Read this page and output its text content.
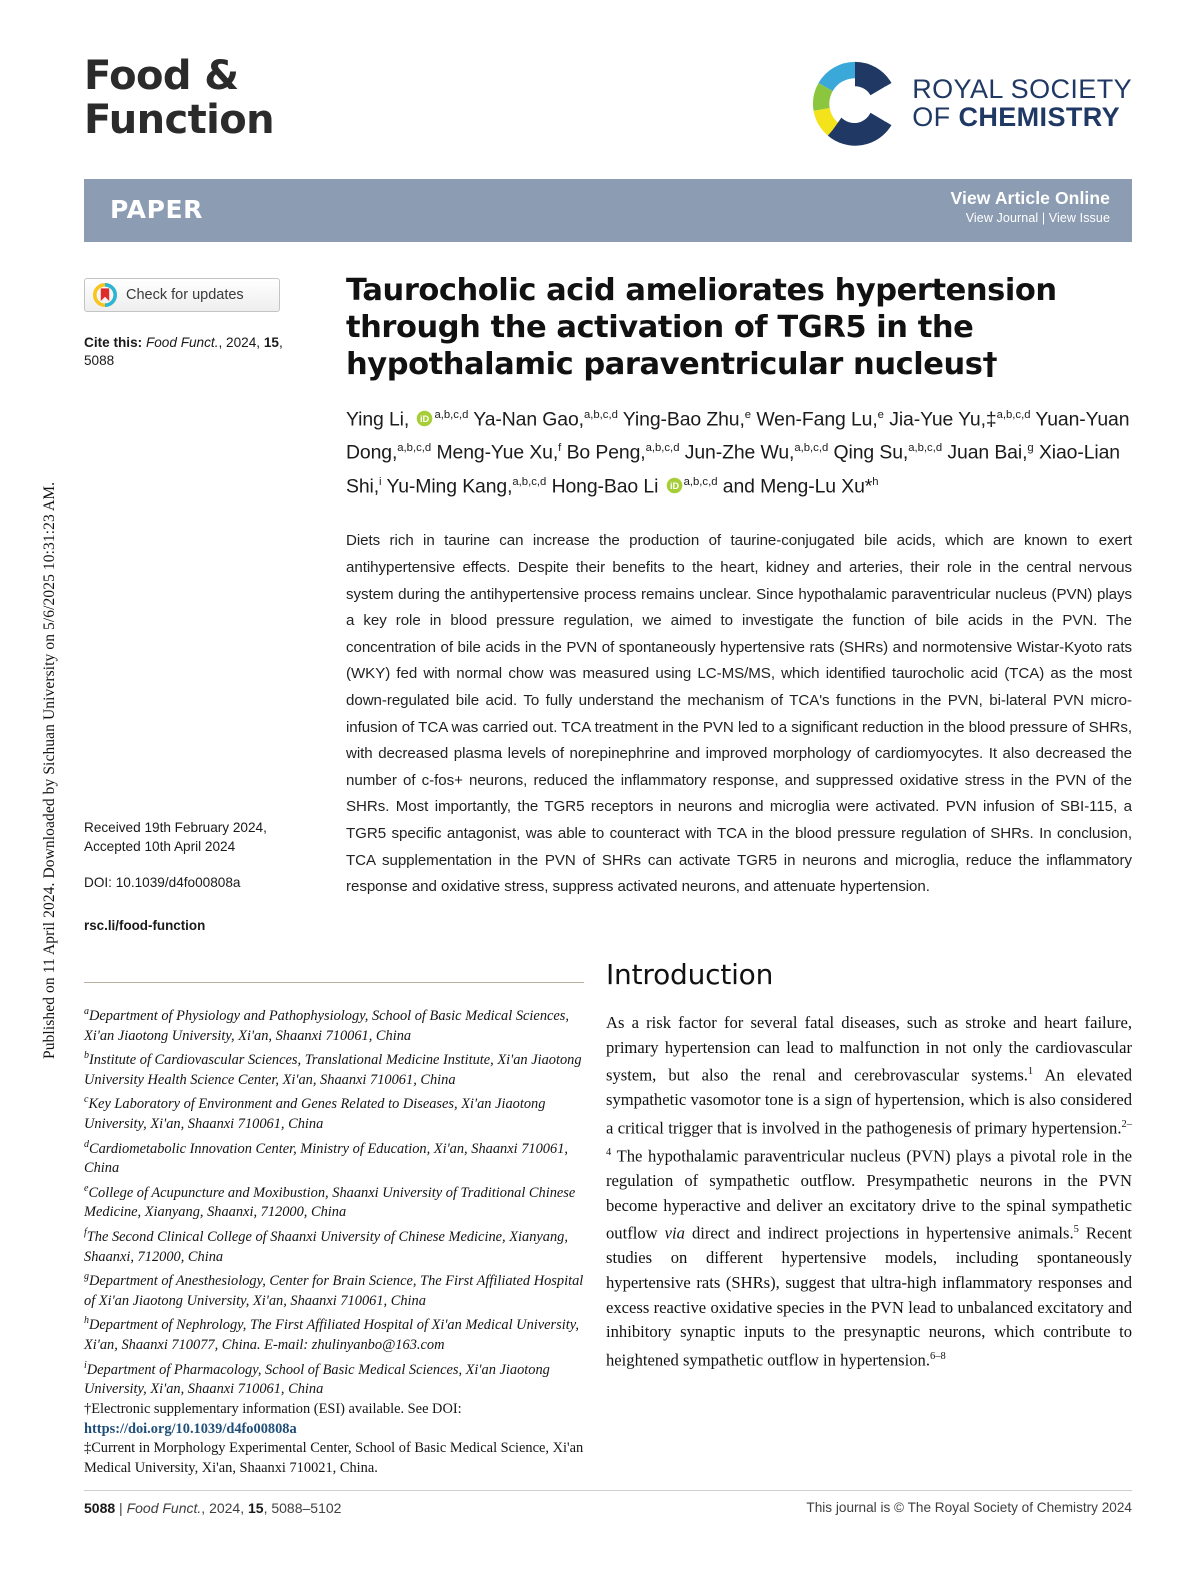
Published on 11 April 2024. Downloaded by Sichuan University on 5/6/2025 10:31:23 AM.
Food &
Function
ROYAL SOCIETY
OF CHEMISTRY
PAPER	View Article Online
View Journal | View Issue
Check for updates
Cite this: Food Funct., 2024, 15, 5088
Received 19th February 2024,
Accepted 10th April 2024
DOI: 10.1039/d4fo00808a
rsc.li/food-function
Taurocholic acid ameliorates hypertension through the activation of TGR5 in the hypothalamic paraventricular nucleus†
Ying Li, iD $^{a,b,c,d}$ Ya-Nan Gao,$^{a,b,c,d}$ Ying-Bao Zhu,$^e$ Wen-Fang Lu,$^e$ Jia-Yue Yu,‡$^{a,b,c,d}$ Yuan-Yuan Dong,$^{a,b,c,d}$ Meng-Yue Xu,$^f$ Bo Peng,$^{a,b,c,d}$ Jun-Zhe Wu,$^{a,b,c,d}$ Qing Su,$^{a,b,c,d}$ Juan Bai,$^g$ Xiao-Lian Shi,$^i$ Yu-Ming Kang,$^{a,b,c,d}$ Hong-Bao Li iD $^{a,b,c,d}$ and Meng-Lu Xu*$^h$
Diets rich in taurine can increase the production of taurine-conjugated bile acids, which are known to exert antihypertensive effects. Despite their benefits to the heart, kidney and arteries, their role in the central nervous system during the antihypertensive process remains unclear. Since hypothalamic paraventricular nucleus (PVN) plays a key role in blood pressure regulation, we aimed to investigate the function of bile acids in the PVN. The concentration of bile acids in the PVN of spontaneously hypertensive rats (SHRs) and normotensive Wistar-Kyoto rats (WKY) fed with normal chow was measured using LC-MS/MS, which identified taurocholic acid (TCA) as the most down-regulated bile acid. To fully understand the mechanism of TCA's functions in the PVN, bi-lateral PVN micro-infusion of TCA was carried out. TCA treatment in the PVN led to a significant reduction in the blood pressure of SHRs, with decreased plasma levels of norepinephrine and improved morphology of cardiomyocytes. It also decreased the number of c-fos+ neurons, reduced the inflammatory response, and suppressed oxidative stress in the PVN of the SHRs. Most importantly, the TGR5 receptors in neurons and microglia were activated. PVN infusion of SBI-115, a TGR5 specific antagonist, was able to counteract with TCA in the blood pressure regulation of SHRs. In conclusion, TCA supplementation in the PVN of SHRs can activate TGR5 in neurons and microglia, reduce the inflammatory response and oxidative stress, suppress activated neurons, and attenuate hypertension.

$^a$Department of Physiology and Pathophysiology, School of Basic Medical Sciences, Xi'an Jiaotong University, Xi'an, Shaanxi 710061, China

$^b$Institute of Cardiovascular Sciences, Translational Medicine Institute, Xi'an Jiaotong University Health Science Center, Xi'an, Shaanxi 710061, China

$^c$Key Laboratory of Environment and Genes Related to Diseases, Xi'an Jiaotong University, Xi'an, Shaanxi 710061, China

$^d$Cardiometabolic Innovation Center, Ministry of Education, Xi'an, Shaanxi 710061, China

$^e$College of Acupuncture and Moxibustion, Shaanxi University of Traditional Chinese Medicine, Xianyang, Shaanxi, 712000, China

$^f$The Second Clinical College of Shaanxi University of Chinese Medicine, Xianyang, Shaanxi, 712000, China

$^g$Department of Anesthesiology, Center for Brain Science, The First Affiliated Hospital of Xi'an Jiaotong University, Xi'an, Shaanxi 710061, China

$^h$Department of Nephrology, The First Affiliated Hospital of Xi'an Medical University, Xi'an, Shaanxi 710077, China. E-mail: zhulinyanbo@163.com

$^i$Department of Pharmacology, School of Basic Medical Sciences, Xi'an Jiaotong University, Xi'an, Shaanxi 710061, China

†Electronic supplementary information (ESI) available. See DOI: https://doi.org/10.1039/d4fo00808a

‡Current in Morphology Experimental Center, School of Basic Medical Science, Xi'an Medical University, Xi'an, Shaanxi 710021, China.

Introduction

As a risk factor for several fatal diseases, such as stroke and heart failure, primary hypertension can lead to malfunction in not only the cardiovascular system, but also the renal and cerebrovascular systems.$^1$ An elevated sympathetic vasomotor tone is a sign of hypertension, which is also considered a critical trigger that is involved in the pathogenesis of primary hypertension.$^{2-4}$ The hypothalamic paraventricular nucleus (PVN) plays a pivotal role in the regulation of sympathetic outflow. Presympathetic neurons in the PVN become hyperactive and deliver an excitatory drive to the spinal sympathetic outflow via direct and indirect projections in hypertensive animals.$^5$ Recent studies on different hypertensive models, including spontaneously hypertensive rats (SHRs), suggest that ultra-high inflammatory responses and excess reactive oxidative species in the PVN lead to unbalanced excitatory and inhibitory synaptic inputs to the presynaptic neurons, which contribute to heightened sympathetic outflow in hypertension.$^{6-8}$

5088 | Food Funct., 2024, 15, 5088–5102	This journal is © The Royal Society of Chemistry 2024
